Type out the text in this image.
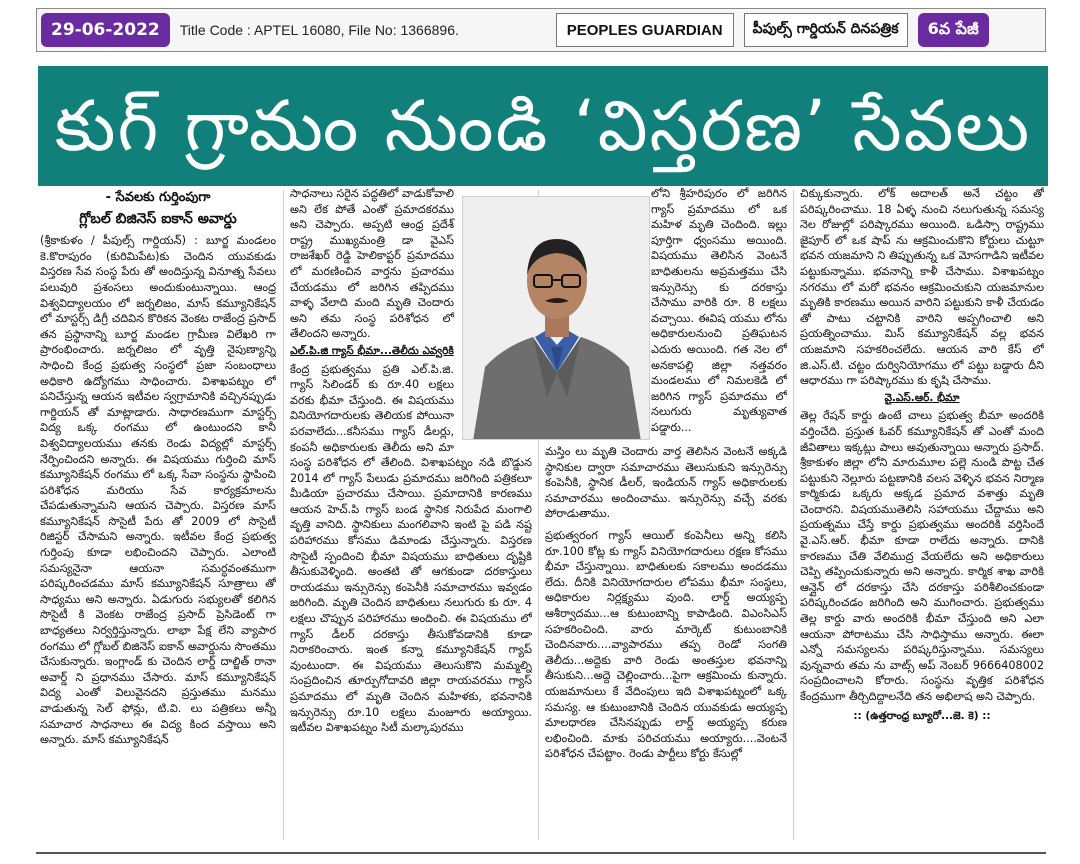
29-06-2022	Title Code : APTEL 16080, File No: 1366896.	PEOPLES GUARDIAN	పీపుల్స్ గార్డియన్ దినపత్రిక	6వ పేజీ
కుగ్ గ్రామం నుండి ‘విస్తరణ’ సేవలు
- సేవలకు గుర్తింపుగా
గ్లోబల్ బిజినెస్ ఐకాన్ అవార్డు

(శ్రీకాకుళం / పీపుల్స్ గార్డియన్) : బూర్జ మండలం కె.కొరాపురం (కురిమిపేట)కు చెందిన యువకుడు విస్తరణ సేవ సంస్థ పేరు తో అందిస్తున్న వినూత్న సేవలు పలువురి ప్రశంసలు అందుకుంటున్నాయి. ఆంధ్ర విశ్వవిద్యాలయం లో జర్నలిజం, మాస్ కమ్యూనికేషన్ లో మాస్టర్స్ డిగ్రీ చదివిన కొరికన వెంకట రాజేంద్ర ప్రసాద్ తన ప్రస్థానాన్ని బూర్జ మండల గ్రామీణ విలేఖరి గా ప్రారంభించారు. జర్నలిజం లో వృత్తి నైపుణ్యాన్ని సాధించి కేంద్ర ప్రభుత్వ సంస్థలో ప్రజా సంబంధాలు అధికారి ఉద్యోగము సాధించారు. విశాఖపట్నం లో పనిచేస్తున్న ఆయన ఇటీవల స్వగ్రామానికి వచ్చినప్పుడు గార్డియన్ తో మాట్లాడారు. సాధారణముగా మాస్టర్స్ విద్య ఒక్క రంగము లో ఉంటుందని కానీ విశ్వవిద్యాలయము తనకు రెండు విద్యల్లో మాస్టర్స్ నేర్పించిందని అన్నారు. ఈ విషయము గుర్తించి మాస్ కమ్యూనికేషన్ రంగము లో ఒక్క సేవా సంస్థను స్థాపించి పరిశోధన మరియు సేవ కార్యక్రమాలను చేపడుతున్నామని ఆయన చెప్పారు. విస్తరణ మాస్ కమ్యూనికేషన్ సొసైటీ పేరు తో 2009 లో సొసైటీ రిజిస్టర్ చేసామని అన్నారు. ఇటీవల కేంద్ర ప్రభుత్వ గుర్తింపు కూడా లభించిందని చెప్పారు. ఎలాంటి సమస్యనైనా ఆయనా సమర్ధవంతముగా పరిష్కరించడము మాస్ కమ్యూనికేషన్ సూత్రాలు తో సాధ్యము అని అన్నారు. ఏడుగురు సభ్యులతో కలిగిన సొసైటీ కి వెంకట రాజేంద్ర ప్రసాద్ ప్రెసిడెంట్ గా బాధ్యతలు నిర్వర్తిస్తున్నారు. లాభా పేక్ష లేని వ్యాపార రంగము లో గ్లోబల్ బిజినెస్ ఐకాన్ అవార్డును సొంతము చేసుకున్నారు. ఇంగ్లాండ్ కు చెందిన లార్డ్ దాల్జిత్ రానా అవార్డ్ ని ప్రధానము చేసారు. మాస్ కమ్యూనికేషన్ విద్య ఎంతో విలువైనదని ప్రస్తుతము మనము వాడుతున్న సెల్ ఫోన్లు, టి.వి. లు పత్రికలు అన్నీ సమాచార సాధనాలు ఈ విద్య కింద వస్తాయి అని అన్నారు. మాస్ కమ్యూనికేషన్

సాధనాలు సరైన పద్ధతిలో వాడుకోవాలి అని లేక పోతే ఎంతో ప్రమాదకరము అని చెప్పారు. అప్పటి ఆంధ్ర ప్రదేశ్ రాష్ట్ర ముఖ్యమంత్రి డా వైఎస్ రాజశేఖర్ రెడ్డి హెలికాప్టర్ ప్రమాదము లో మరణించిన వార్తను ప్రచారము చేయడము లో జరిగిన తప్పిదము వాళ్ళ వేలాది మంది మృతి చెందారు అని తమ సంస్థ పరిశోధన లో తేలిందని అన్నారు.

ఎల్.పి.జి గ్యాస్ భీమా...తెలీదు ఎవ్వరికి

కేంద్ర ప్రభుత్వము ప్రతి ఎల్.పి.జి. గ్యాస్ సిలిండర్ కు రూ.40 లక్షలు వరకు భీమా చేస్తుంది. ఈ విషయము వినియోగదారులకు తెలియక పోయినా పరవాలేదు...కనీసము గ్యాస్ డీలర్లు, కంపనీ అధికారులకు తెలీదు అని మా సంస్థ పరిశోధన లో తేలింది. విశాఖపట్నం నడి బొడ్డున 2014 లో గ్యాస్ పేలుడు ప్రమాదము జరిగింది పత్రికలూ మీడియా ప్రచారము చేసాయి. ప్రమాదానికి కారణము ఆయన హెచ్.పి గ్యాస్ బండ స్థానిక నిరుపేద మంగాలి వృత్తి వానిది. స్థానికులు మంగలివాని ఇంటి పై పడి నష్ట పరిహారము కోసము డిమాండు చేస్తున్నారు. విస్తరణ సొసైటీ స్పందించి భీమా విషయము బాధితులు దృష్టికి తీసుకువెళ్ళింది. అంతటి తో ఆగకుండా దరకాస్తులు రాయడము ఇన్సురెన్సు కంపెనీకి సమాచారము ఇవ్వడం జరిగింది. మృతి చెందిన బాధితులు నలుగురు కు రూ. 4 లక్షలు చొప్పున పరిహారము అందించి. ఈ విషయము లో గ్యాస్ డీలర్ దరకాస్తు తీసుకోవడానికి కూడా నిరాకరించారు. ఇంత కన్నా కమ్యూనికేషన్ గ్యాప్ వుంటుందా. ఈ విషయము తెలుసుకొని మమ్మల్ని సంప్రదించిన తూర్పుగోదావరి జిల్లా రాయవరము గ్యాస్ ప్రమాదము లో మృతి చెందిన మహిళకు, భవనానికి ఇన్సురెన్సు రూ.10 లక్షలు మంజూరు అయ్యాయి. ఇటీవల విశాఖపట్నం సిటీ మల్కాపురము

లోని శ్రీహరిపురం లో జరిగిన గ్యాస్ ప్రమాదము లో ఒక మహిళ మృతి చెందింది. ఇల్లు పూర్తిగా ధ్వంసము అయింది. విషయము తెలిసిన వెంటనే బాధితులను అప్రమత్తము చేసి ఇన్సురెన్సు కు దరకాస్తు చేసాము వారికి రూ. 8 లక్షలు వచ్చాయి. ఈవిష యము లోను అధికారులనుంచి ప్రతిఘటన ఎదురు అయింది. గత నెల లో అనకాపల్లి జిల్లా నత్తవరం మండలము లో నిమలకెడి లో జరిగిన గ్యాస్ ప్రమాదము లో నలుగురు మృత్యువాత పడ్డారు...

మస్తిం లు మృతి చెందారు వార్త తెలిసిన వెంటనే అక్కడి స్థానికుల ద్వారా సమాచారము తెలుసుకుని ఇన్సురెన్సు కంపెనీకి, స్థానిక డీలర్, ఇండియన్ గ్యాస్ అధికారులకు సమాచారము అందించాము. ఇన్సురెన్సు వచ్చే వరకు పోరాడుతాము.

ప్రభుత్వరంగ గ్యాస్ ఆయిల్ కంపెనీలు అన్ని కలిసి రూ.100 కోట్ల కు గ్యాస్ వినియోగదారులు రక్షణ కోసము భీమా చేస్తున్నాయి. బాధితులకు సకాలము అందడము లేదు. దీనికి వినియోగదారుల లోపము భీమా సంస్థలు, అధికారుల నిర్లక్ష్యము వుంది. లార్డ్ అయ్యప్ప ఆశీర్వాదము...ఆ కుటుంబాన్ని కాపాడింది. విఎంసిఎస్ సహకరించింది. వారు మార్కెట్ కుటుంబానికి చెందినవారు....వ్యాపారము తప్ప రెండో సంగతి తెలీదు...అద్దెకు వారి రెండు అంతస్తుల భవనాన్ని తీసుకుని...అద్దె చెల్లించారు...పైగా ఆక్రమించు కున్నారు. యజమానులు కే వేదింపులు ఇది విశాఖపట్నంలో ఒక్క సమస్య. ఆ కుటుంబానికి చెందిన యువకుడు అయ్యప్ప మాలధారణ చేసినప్పుడు లార్డ్ అయ్యప్ప కరుణ లభించింది. మాకు పరిచయము అయ్యారు....వెంటనే పరిశోధన చేపట్టాం. రెండు పార్టీలు కోర్టు కేసుల్లో

చిక్కుకున్నారు. లోక్ అదాలత్ అనే చట్టం తో పరిష్కరించాము. 18 ఏళ్ళ నుంచి నలుగుతున్న సమస్య నెల రోజుల్లో పరిష్కారము అయింది. ఒడిస్సా రాష్ట్రము జైపూర్ లో ఒక షాప్ ను ఆక్రమించుకొని కోర్టులు చుట్టూ భవన యజమాని ని తిప్పుతున్న ఒక మోసగాడిని ఇటీవల పట్టుకున్నాము. భవనాన్ని కాళీ చేసాము. విశాఖపట్నం నగరము లో మరో భవనం ఆక్రమించుకుని యజమానుల మృతికి కారణము అయిన వారిని పట్టుకుని కాళీ చేయడం తో పాటు చట్టానికి వారిని అప్పగించాలి అని ప్రయత్నించాము. మిస్ కమ్యూనికేషన్ వల్ల భవన యజమాని సహకరించలేదు. ఆయన వారి కేస్ లో జి.ఎస్.టి. చట్టం దుర్వినియోగము లో పట్టు బడ్డారు దీని ఆధారము గా పరిష్కారము కు కృషి చేసాము.

వై.ఎస్.ఆర్. భీమా

తెల్ల రేషన్ కార్డు ఉంటే చాలు ప్రభుత్వ బీమా అందరికి వర్తించేది. ప్రస్తుత ఓవర్ కమ్యూనికేషన్ తో ఎంతో మంది జీవితాలు ఇక్కట్లు పాలు అవుతున్నాయి అన్నారు ప్రసాద్. శ్రీకాకుళం జిల్లా లోని మారుమూల పల్లె నుండి పొట్ట చేత పట్టుకుని నెల్లూరు పట్టణానికి వలస వెళ్ళిన భవన నిర్మాణ కార్మికుడు ఒక్కరు అక్కడ ప్రమాద వశాత్తు మృతి చెందారని. విషయముతెలిసి సహాయము చేద్దాము అని ప్రయత్నము చేస్తే కార్డు ప్రభుత్వము అందరికి వర్తిసిందే వై.ఎస్.ఆర్. భీమా కూడా రాలేదు అన్నారు. దానికి కారణము చేతి వేలిముద్ర వేయలేదు అని అధికారులు చెప్పి తప్పించుకున్నారు అని అన్నారు. కార్మిక శాఖ వారికి ఆన్లైన్ లో దరకాస్తు చేసి దరకాస్తు పరిశీలించకుండా పరిష్కరించడం జరిగింది అని ముగించారు. ప్రభుత్వము తెల్ల కార్డు వారు అందరికి భీమా చేస్తుంది అని ఎలా ఆయనా పోరాటము చేసి సాధిస్తాము అన్నారు. ఈలా ఎన్నో సమస్యలను పరిష్కరిస్తున్నాము. సమస్యలు వున్నవారు తమ ను వాట్స్ అప్ నెంబర్ 9666408002 సంప్రదించాలని కోరారు. సంస్థను వృత్తిక పరిశోధన కేంద్రముగా తీర్చిదిద్దాలనేది తన అభిలాష అని చెప్పారు.

:: (ఉత్తరాంధ్ర బ్యూరో...జె. కె) ::
